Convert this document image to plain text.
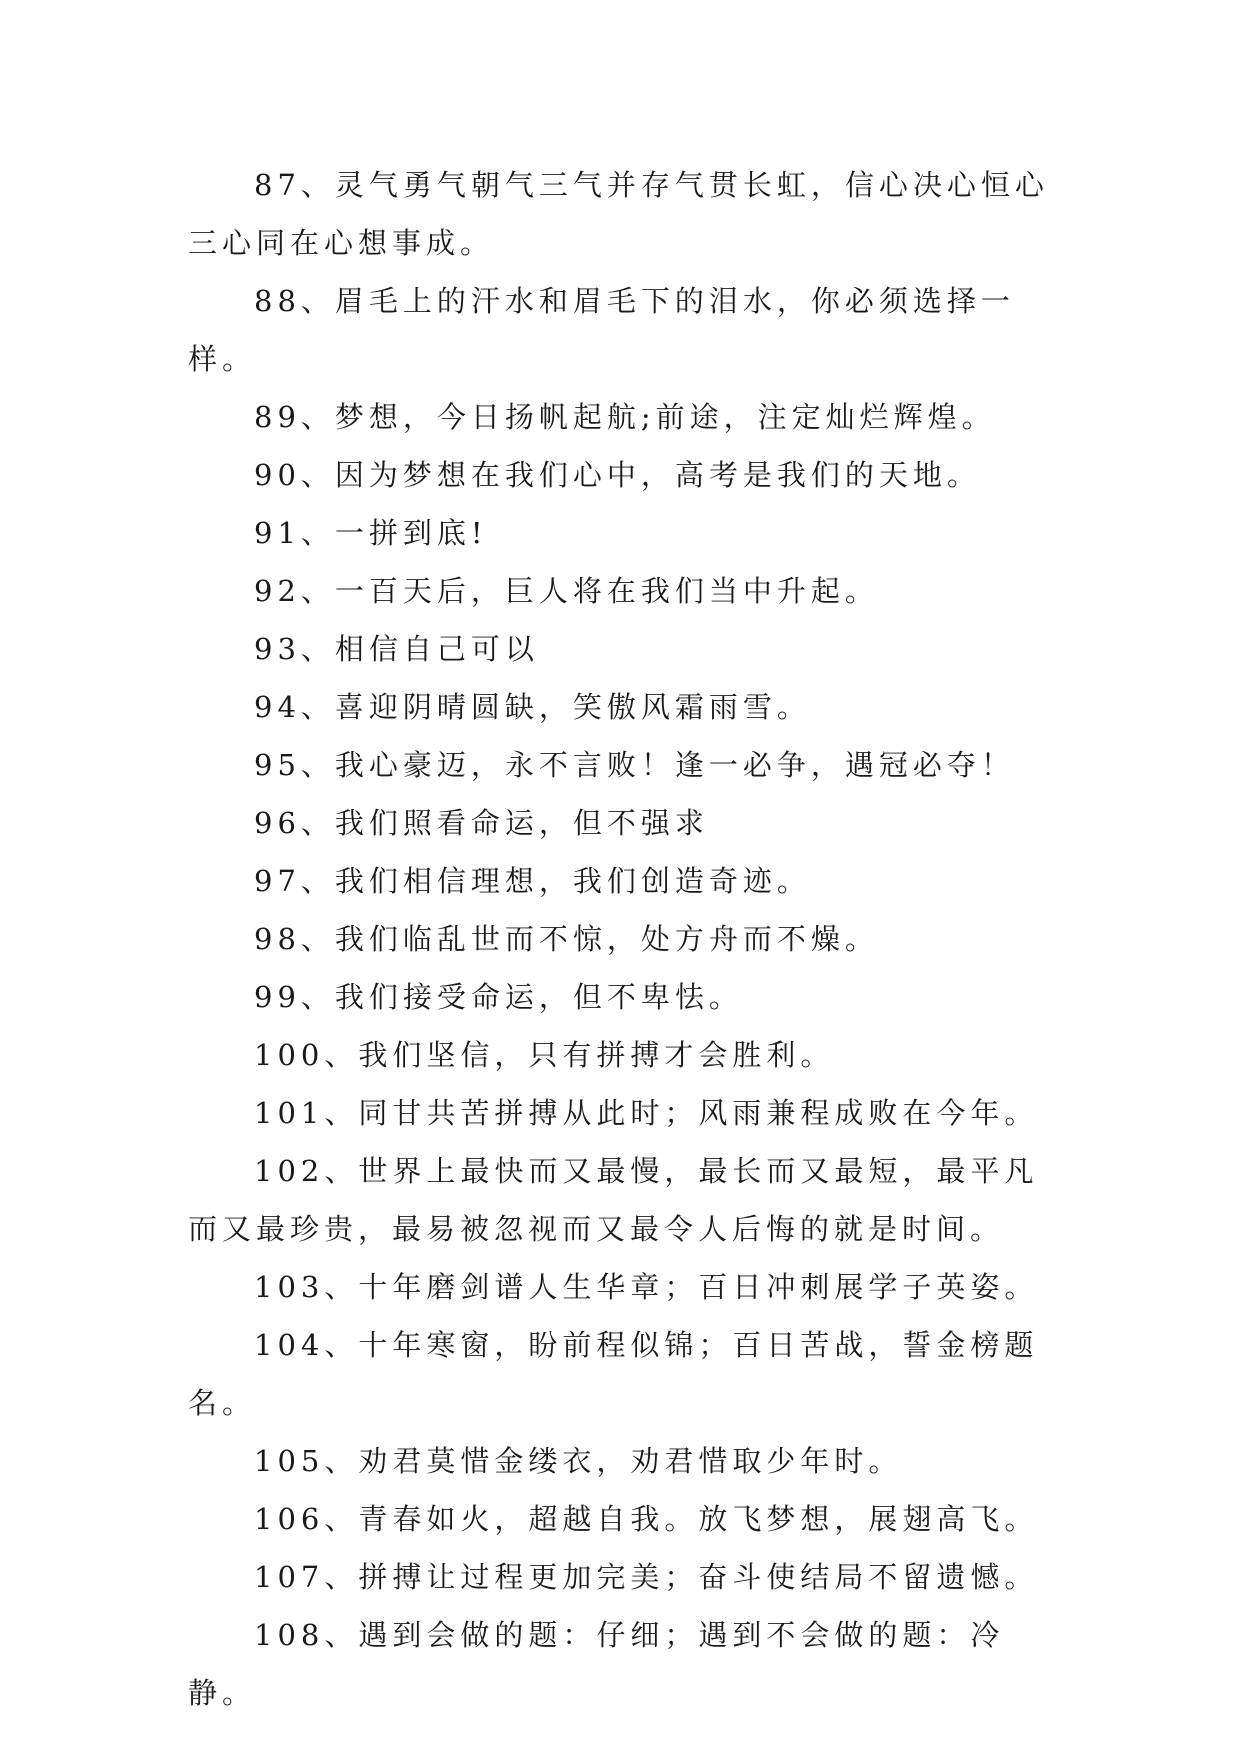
87、灵气勇气朝气三气并存气贯长虹，信心决心恒心三心同在心想事成。

88、眉毛上的汗水和眉毛下的泪水，你必须选择一样。

89、梦想，今日扬帆起航;前途，注定灿烂辉煌。

90、因为梦想在我们心中，高考是我们的天地。

91、一拼到底!

92、一百天后，巨人将在我们当中升起。

93、相信自己可以

94、喜迎阴晴圆缺，笑傲风霜雨雪。

95、我心豪迈，永不言败！逢一必争，遇冠必夺！

96、我们照看命运，但不强求

97、我们相信理想，我们创造奇迹。

98、我们临乱世而不惊，处方舟而不燥。

99、我们接受命运，但不卑怯。

100、我们坚信，只有拼搏才会胜利。

101、同甘共苦拼搏从此时；风雨兼程成败在今年。

102、世界上最快而又最慢，最长而又最短，最平凡而又最珍贵，最易被忽视而又最令人后悔的就是时间。

103、十年磨剑谱人生华章；百日冲刺展学子英姿。

104、十年寒窗，盼前程似锦；百日苦战，誓金榜题名。

105、劝君莫惜金缕衣，劝君惜取少年时。

106、青春如火，超越自我。放飞梦想，展翅高飞。

107、拼搏让过程更加完美；奋斗使结局不留遗憾。

108、遇到会做的题：仔细；遇到不会做的题：冷静。
